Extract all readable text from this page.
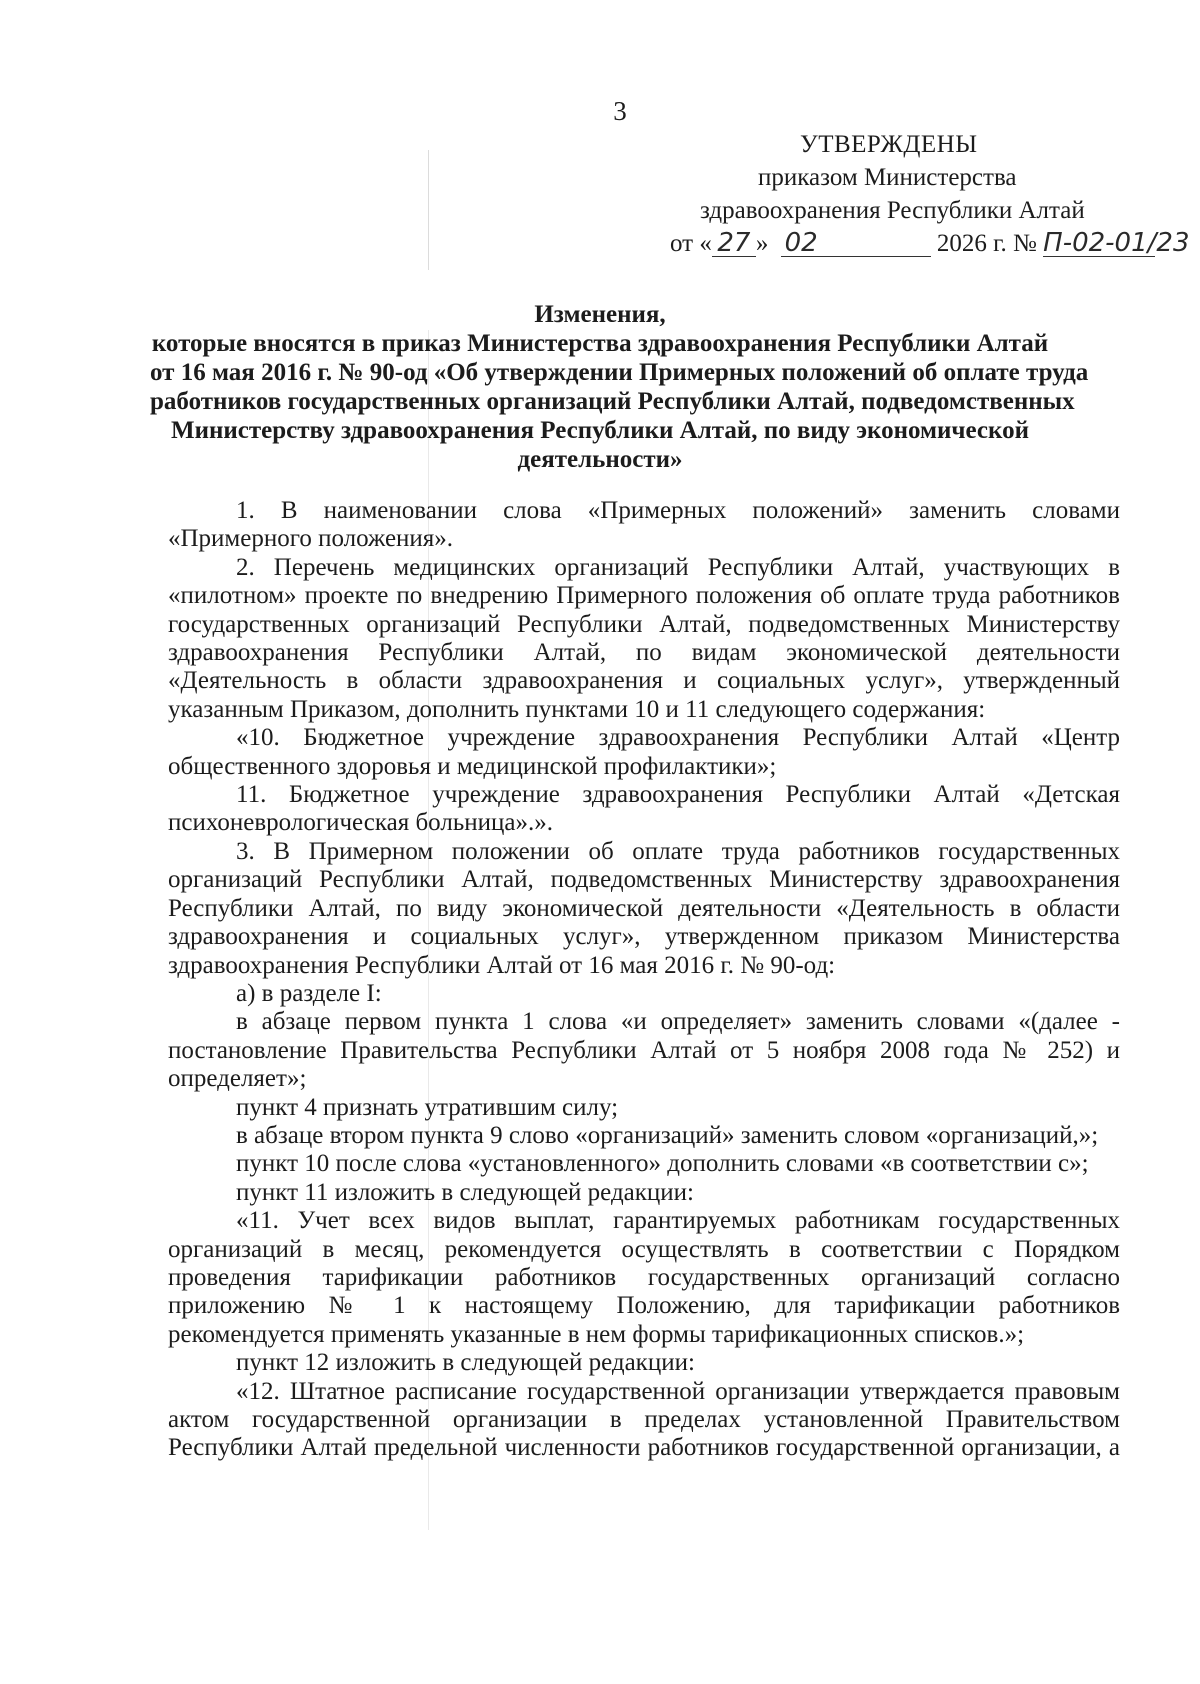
3
УТВЕРЖДЕНЫ
приказом Министерства
здравоохранения Республики Алтай
от « 27 » 02	2026 г. № П-02-01/23
Изменения,
которые вносятся в приказ Министерства здравоохранения Республики Алтай
от 16 мая 2016 г. № 90-од «Об утверждении Примерных положений об оплате труда
работников государственных организаций Республики Алтай, подведомственных
Министерству здравоохранения Республики Алтай, по виду экономической
деятельности»

1. В наименовании слова «Примерных положений» заменить словами «Примерного положения».

2. Перечень медицинских организаций Республики Алтай, участвующих в «пилотном» проекте по внедрению Примерного положения об оплате труда работников государственных организаций Республики Алтай, подведомственных Министерству здравоохранения Республики Алтай, по видам экономической деятельности «Деятельность в области здравоохранения и социальных услуг», утвержденный указанным Приказом, дополнить пунктами 10 и 11 следующего содержания:

«10. Бюджетное учреждение здравоохранения Республики Алтай «Центр общественного здоровья и медицинской профилактики»;

11. Бюджетное учреждение здравоохранения Республики Алтай «Детская психоневрологическая больница».».

3. В Примерном положении об оплате труда работников государственных организаций Республики Алтай, подведомственных Министерству здравоохранения Республики Алтай, по виду экономической деятельности «Деятельность в области здравоохранения и социальных услуг», утвержденном приказом Министерства здравоохранения Республики Алтай от 16 мая 2016 г. № 90-од:

а) в разделе I:

в абзаце первом пункта 1 слова «и определяет» заменить словами «(далее - постановление Правительства Республики Алтай от 5 ноября 2008 года № 252) и определяет»;

пункт 4 признать утратившим силу;

в абзаце втором пункта 9 слово «организаций» заменить словом «организаций,»;

пункт 10 после слова «установленного» дополнить словами «в соответствии с»;

пункт 11 изложить в следующей редакции:

«11. Учет всех видов выплат, гарантируемых работникам государственных организаций в месяц, рекомендуется осуществлять в соответствии с Порядком проведения тарификации работников государственных организаций согласно приложению № 1 к настоящему Положению, для тарификации работников рекомендуется применять указанные в нем формы тарификационных списков.»;

пункт 12 изложить в следующей редакции:

«12. Штатное расписание государственной организации утверждается правовым актом государственной организации в пределах установленной Правительством Республики Алтай предельной численности работников государственной организации, а
